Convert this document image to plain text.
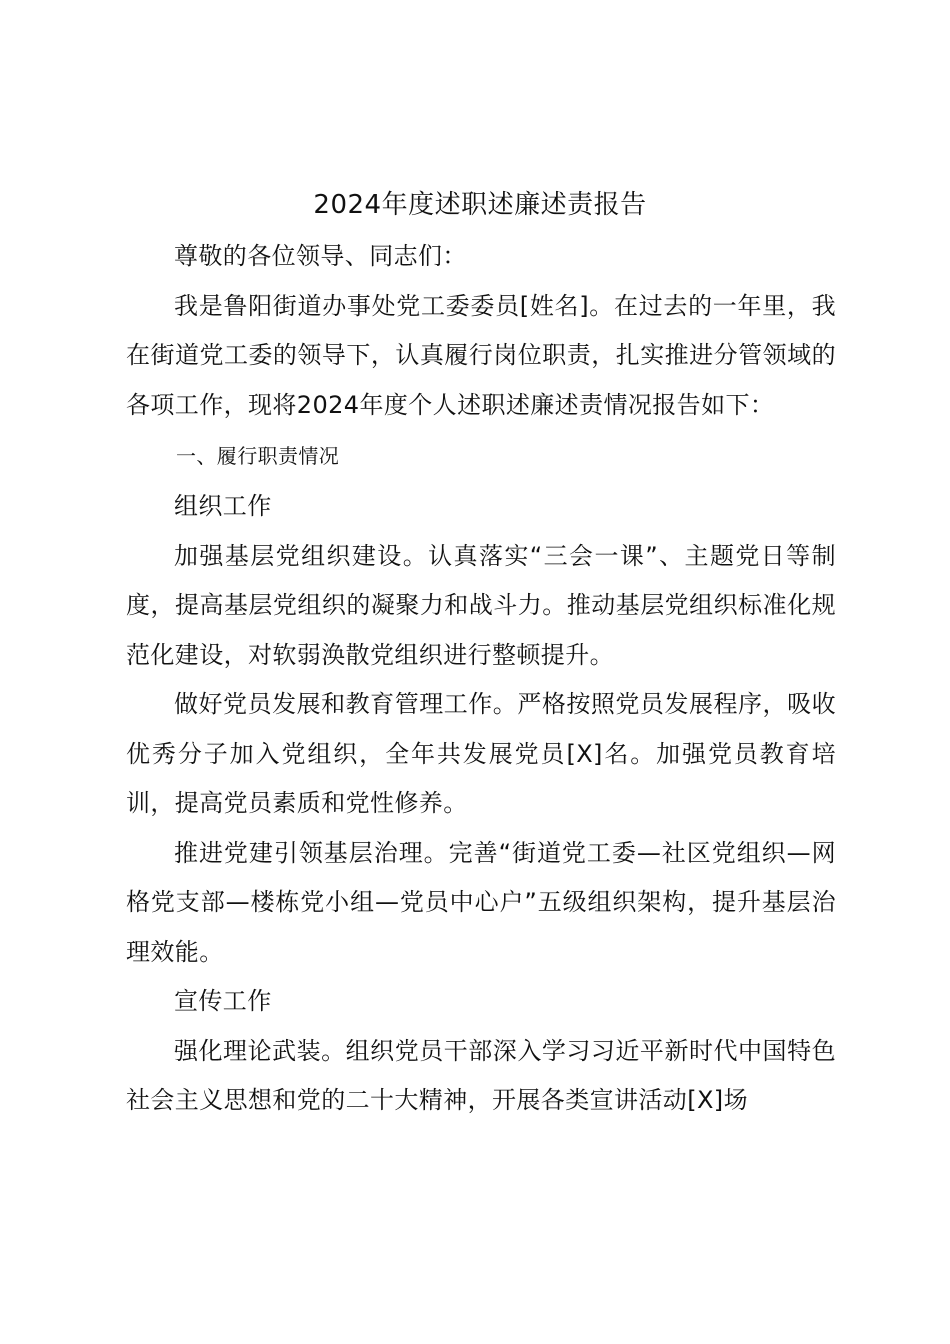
2024年度述职述廉述责报告

尊敬的各位领导、同志们：

我是鲁阳街道办事处党工委委员[姓名]。在过去的一年里，我在街道党工委的领导下，认真履行岗位职责，扎实推进分管领域的各项工作，现将2024年度个人述职述廉述责情况报告如下：

一、履行职责情况

组织工作

加强基层党组织建设。认真落实“三会一课”、主题党日等制度，提高基层党组织的凝聚力和战斗力。推动基层党组织标准化规范化建设，对软弱涣散党组织进行整顿提升。

做好党员发展和教育管理工作。严格按照党员发展程序，吸收优秀分子加入党组织，全年共发展党员[X]名。加强党员教育培训，提高党员素质和党性修养。

推进党建引领基层治理。完善“街道党工委—社区党组织—网格党支部—楼栋党小组—党员中心户”五级组织架构，提升基层治理效能。

宣传工作

强化理论武装。组织党员干部深入学习习近平新时代中国特色社会主义思想和党的二十大精神，开展各类宣讲活动[X]场
